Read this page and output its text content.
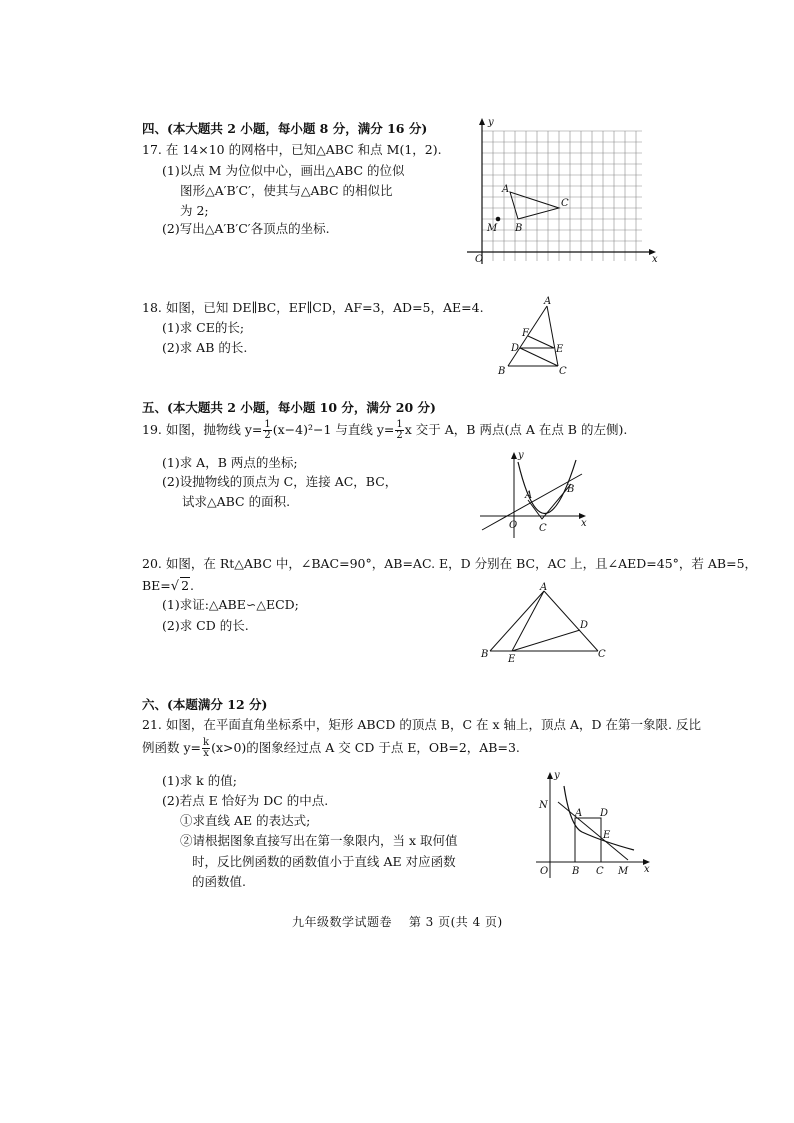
四、(本大题共 2 小题，每小题 8 分，满分 16 分)
17. 在 14×10 的网格中，已知△ABC 和点 M(1，2).
(1)以点 M 为位似中心，画出△ABC 的位似
图形△A′B′C′，使其与△ABC 的相似比
为 2;
(2)写出△A′B′C′各顶点的坐标.
y
x
O
A
B
C
M
18. 如图，已知 DE∥BC，EF∥CD，AF=3，AD=5，AE=4.
(1)求 CE的长;
(2)求 AB 的长.
A
F
D	E
B	C
五、(本大题共 2 小题，每小题 10 分，满分 20 分)
19. 如图，抛物线 $y= \frac{1}{2} (x-4)^2-1$ 与直线 $y= \frac{1}{2}$ x 交于 A，B 两点(点 A 在点 B 的左侧).
(1)求 A，B 两点的坐标;
(2)设抛物线的顶点为 C，连接 AC，BC，
试求△ABC 的面积.
y
x
O
A
B
C
20. 如图，在 Rt△ABC 中，∠BAC=90°，AB=AC. E，D 分别在 BC，AC 上，且∠AED=45°，若 AB=5，
BE=√ 2.
(1)求证:△ABE∽△ECD;
(2)求 CD 的长.
A
B	C
D
E
六、(本题满分 12 分)
21. 如图，在平面直角坐标系中，矩形 ABCD 的顶点 B，C 在 x 轴上，顶点 A，D 在第一象限. 反比
例函数 $y= \frac{k}{x} (x>0)$的图象经过点 A 交 CD 于点 E，OB=2，AB=3.
(1)求 k 的值;
(2)若点 E 恰好为 DC 的中点.
①求直线 AE 的表达式;
②请根据图象直接写出在第一象限内，当 x 取何值
时，反比例函数的函数值小于直线 AE 对应函数
的函数值.
y
x
O
N
A D
E
B C M
九年级数学试题卷　 第 3 页(共 4 页)
